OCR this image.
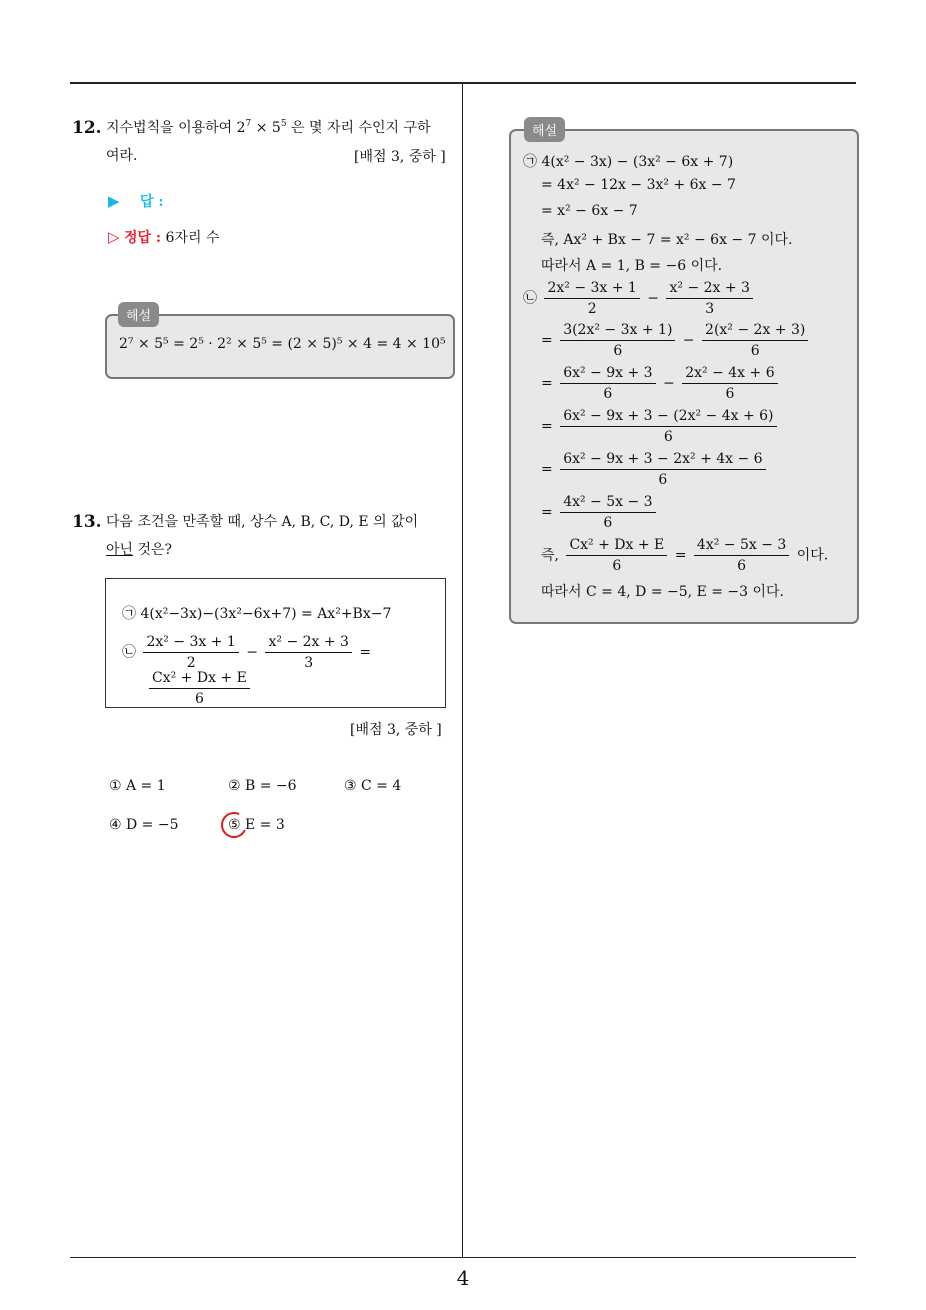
4
12. 지수법칙을 이용하여 $2^7 \times 5^5$ 은 몇 자리 수인지 구하
여라.	[배점 3, 중하 ]
▶ 답 :
▷ 정답 : 6자리 수
2⁷ × 5⁵ = 2⁵ · 2² × 5⁵ = (2 × 5)⁵ × 4 = 4 × 10⁵
해설
13. 다음 조건을 만족할 때, 상수 A, B, C, D, E 의 값이
아닌 것은?
㉠ 4(x²−3x)−(3x²−6x+7) = Ax²+Bx−7
㉡ $\frac{\text{2x² − 3x + 1}}{2} - \frac{\text{x² − 2x + 3}}{3}$ =
$\frac{\text{Cx² + Dx + E}}{6}$
[배점 3, 중하 ]
① A = 1	② B = −6	③ C = 4
④ D = −5	⑤ E = 3
㉠ 4(x² − 3x) − (3x² − 6x + 7)
= 4x² − 12x − 3x² + 6x − 7
= x² − 6x − 7
즉, Ax² + Bx − 7 = x² − 6x − 7 이다.
따라서 A = 1, B = −6 이다.
㉡ $\frac{\text{2x² − 3x + 1}}{2} - \frac{\text{x² − 2x + 3}}{3}$
= $\frac{\text{3(2x² − 3x + 1)}}{6} - \frac{\text{2(x² − 2x + 3)}}{6}$
= $\frac{\text{6x² − 9x + 3}}{6} - \frac{\text{2x² − 4x + 6}}{6}$
= $\frac{\text{6x² − 9x + 3 − (2x² − 4x + 6)}}{6}$
= $\frac{\text{6x² − 9x + 3 − 2x² + 4x − 6}}{6}$
= $\frac{\text{4x² − 5x − 3}}{6}$
즉, $\frac{\text{Cx² + Dx + E}}{6} = \frac{\text{4x² − 5x − 3}}{6}$ 이다.
따라서 C = 4, D = −5, E = −3 이다.
해설
